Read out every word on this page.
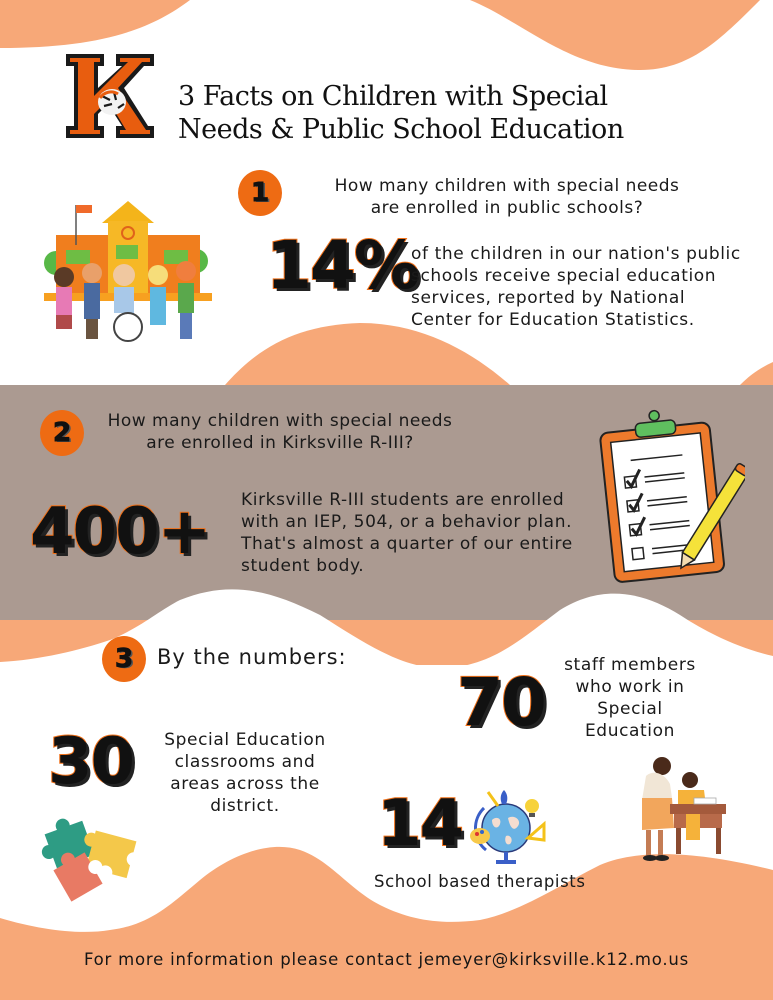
3 Facts on Children with Special
Needs & Public School Education
1	How many children with special needs
are enrolled in public schools?
14%
of the children in our nation's public
schools receive special education
services, reported by National
Center for Education Statistics.
2	How many children with special needs
are enrolled in Kirksville R-III?
400+ Kirksville R-III students are enrolled
with an IEP, 504, or a behavior plan.
That's almost a quarter of our entire
student body.
3 By the numbers:
30	Special Education
classrooms and
areas across the
district.
70	staff members
who work in
Special
Education
14
School based therapists
For more information please contact jemeyer@kirksville.k12.mo.us
